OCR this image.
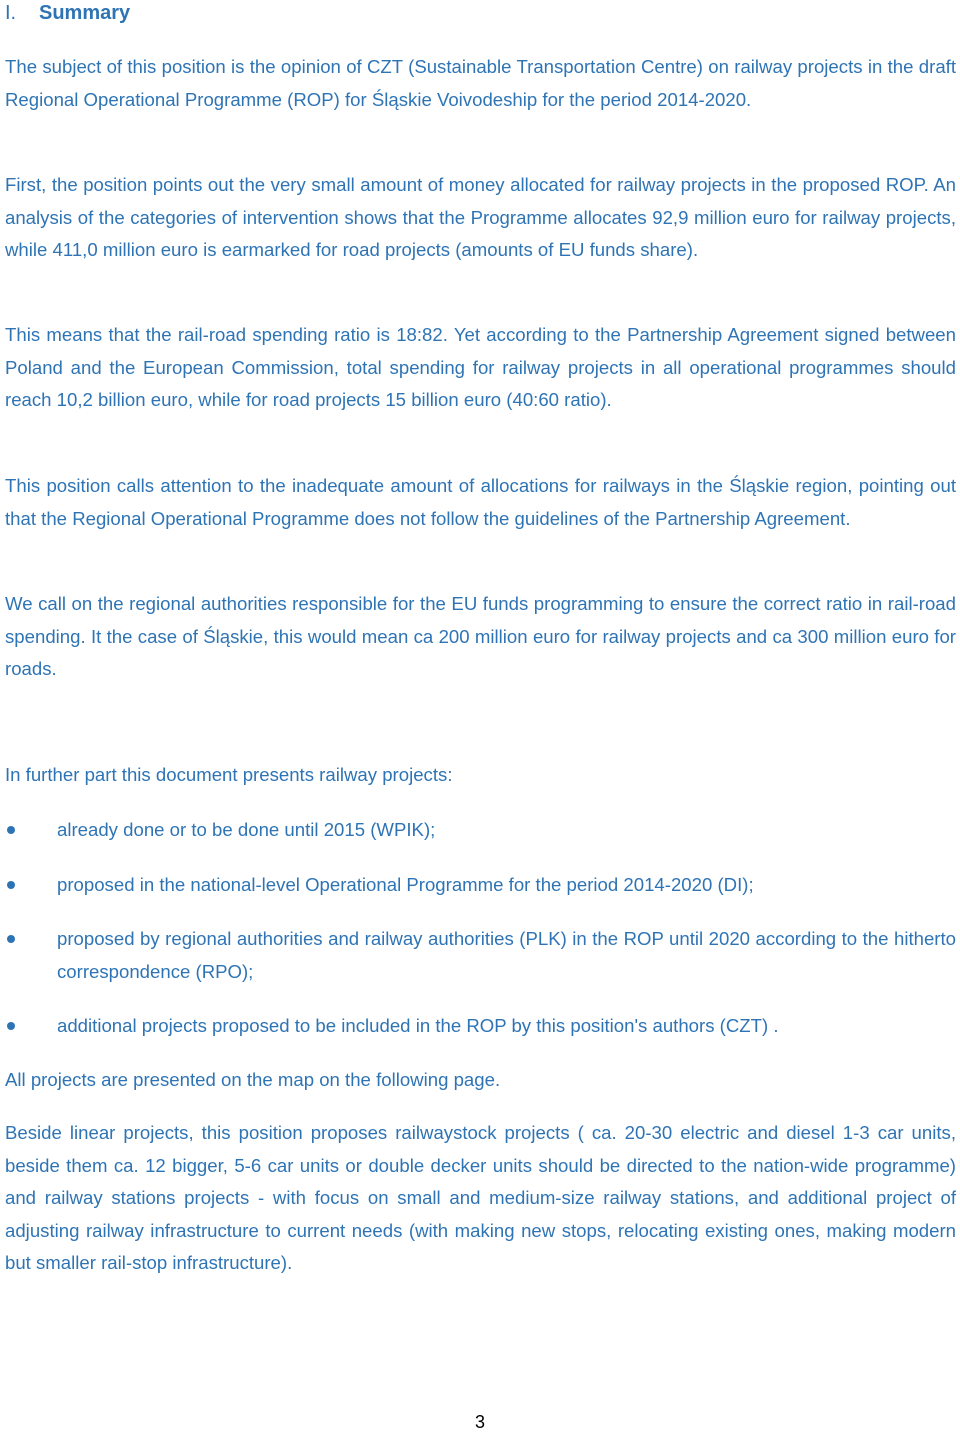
I. Summary

The subject of this position is the opinion of CZT (Sustainable Transportation Centre) on railway projects in the draft Regional Operational Programme (ROP) for Śląskie Voivodeship for the period 2014-2020.

First, the position points out the very small amount of money allocated for railway projects in the proposed ROP. An analysis of the categories of intervention shows that the Programme allocates 92,9 million euro for railway projects, while 411,0 million euro is earmarked for road projects (amounts of EU funds share).

This means that the rail-road spending ratio is 18:82. Yet according to the Partnership Agreement signed between Poland and the European Commission, total spending for railway projects in all operational programmes should reach 10,2 billion euro, while for road projects 15 billion euro (40:60 ratio).

This position calls attention to the inadequate amount of allocations for railways in the Śląskie region, pointing out that the Regional Operational Programme does not follow the guidelines of the Partnership Agreement.

We call on the regional authorities responsible for the EU funds programming to ensure the correct ratio in rail-road spending. It the case of Śląskie, this would mean ca 200 million euro for railway projects and ca 300 million euro for roads.

In further part this document presents railway projects:

already done or to be done until 2015 (WPIK);
proposed in the national-level Operational Programme for the period 2014-2020 (DI);
proposed by regional authorities and railway authorities (PLK) in the ROP until 2020 according to the hitherto correspondence (RPO);
additional projects proposed to be included in the ROP by this position's authors (CZT) .

All projects are presented on the map on the following page.

Beside linear projects, this position proposes railwaystock projects ( ca. 20-30 electric and diesel 1-3 car units, beside them ca. 12 bigger, 5-6 car units or double decker units should be directed to the nation-wide programme) and railway stations projects - with focus on small and medium-size railway stations, and additional project of adjusting railway infrastructure to current needs (with making new stops, relocating existing ones, making modern but smaller rail-stop infrastructure).

3
